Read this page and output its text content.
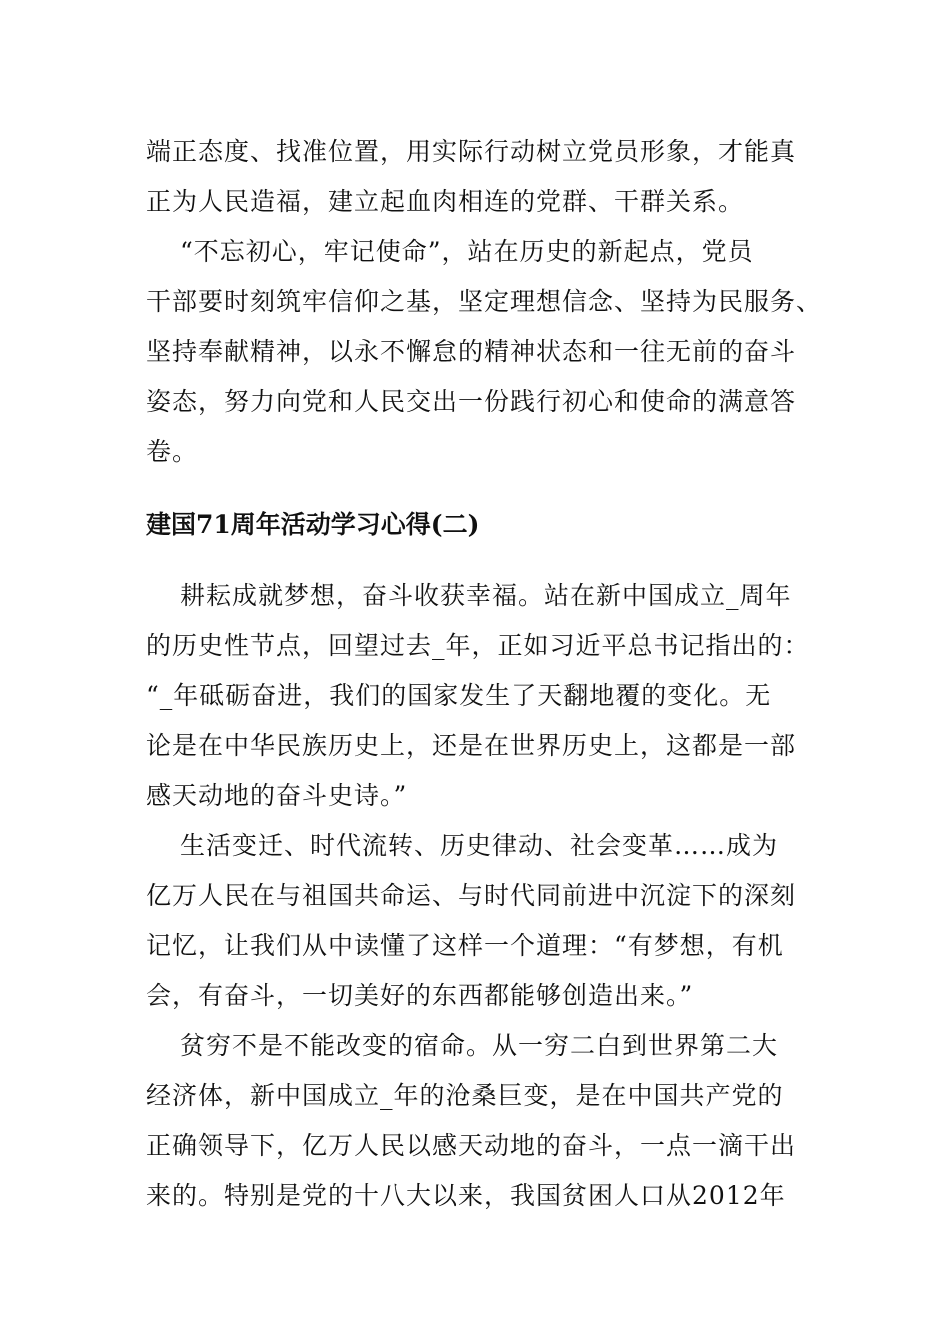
端正态度、找准位置，用实际行动树立党员形象，才能真
正为人民造福，建立起血肉相连的党群、干群关系。
“不忘初心，牢记使命”，站在历史的新起点，党员
干部要时刻筑牢信仰之基，坚定理想信念、坚持为民服务、
坚持奉献精神，以永不懈怠的精神状态和一往无前的奋斗
姿态，努力向党和人民交出一份践行初心和使命的满意答
卷。
建国71周年活动学习心得(二)
耕耘成就梦想，奋斗收获幸福。站在新中国成立_周年
的历史性节点，回望过去_年，正如习近平总书记指出的：
“_年砥砺奋进，我们的国家发生了天翻地覆的变化。无
论是在中华民族历史上，还是在世界历史上，这都是一部
感天动地的奋斗史诗。”
生活变迁、时代流转、历史律动、社会变革……成为
亿万人民在与祖国共命运、与时代同前进中沉淀下的深刻
记忆，让我们从中读懂了这样一个道理：“有梦想，有机
会，有奋斗，一切美好的东西都能够创造出来。”
贫穷不是不能改变的宿命。从一穷二白到世界第二大
经济体，新中国成立_年的沧桑巨变，是在中国共产党的
正确领导下，亿万人民以感天动地的奋斗，一点一滴干出
来的。特别是党的十八大以来，我国贫困人口从2012年
